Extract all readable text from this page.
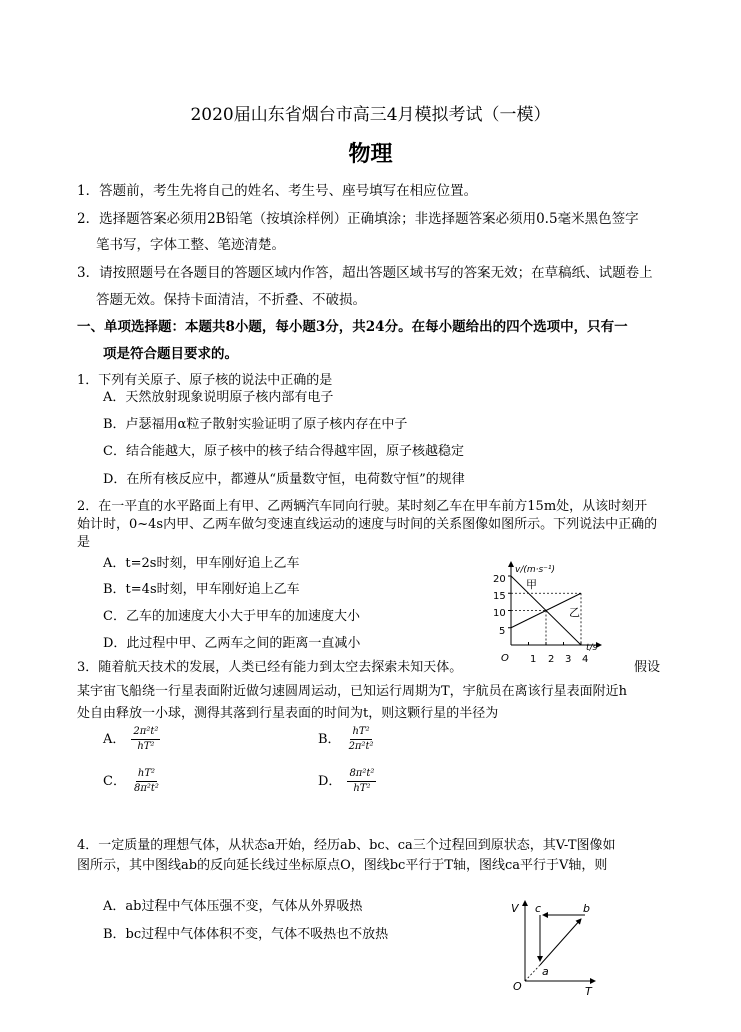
2020届山东省烟台市高三4月模拟考试（一模）
物理
1．答题前，考生先将自己的姓名、考生号、座号填写在相应位置。
2．选择题答案必须用2B铅笔（按填涂样例）正确填涂；非选择题答案必须用0.5毫米黑色签字
笔书写，字体工整、笔迹清楚。
3．请按照题号在各题目的答题区域内作答，超出答题区域书写的答案无效；在草稿纸、试题卷上
答题无效。保持卡面清洁，不折叠、不破损。
一、单项选择题：本题共8小题，每小题3分，共24分。在每小题给出的四个选项中，只有一
项是符合题目要求的。
1．下列有关原子、原子核的说法中正确的是
A．天然放射现象说明原子核内部有电子
B．卢瑟福用α粒子散射实验证明了原子核内存在中子
C．结合能越大，原子核中的核子结合得越牢固，原子核越稳定
D．在所有核反应中，都遵从“质量数守恒，电荷数守恒”的规律
2．在一平直的水平路面上有甲、乙两辆汽车同向行驶。某时刻乙车在甲车前方15m处，从该时刻开
始计时，0~4s内甲、乙两车做匀变速直线运动的速度与时间的关系图像如图所示。下列说法中正确的
是
A．t=2s时刻，甲车刚好追上乙车
B．t=4s时刻，甲车刚好追上乙车
C．乙车的加速度大小大于甲车的加速度大小
D．此过程中甲、乙两车之间的距离一直减小
v/(m·s⁻¹)
t/s
O
20
15
10
5
1 2 3 4
甲
乙
3．随着航天技术的发展，人类已经有能力到太空去探索未知天体。	假设
某宇宙飞船绕一行星表面附近做匀速圆周运动，已知运行周期为T，宇航员在离该行星表面附近h
处自由释放一小球，测得其落到行星表面的时间为t，则这颗行星的半径为
A． $\frac{\text{2π²t²}}{\text{hT²}}$	B． $\frac{\text{hT²}}{\text{2π²t²}}$
C． $\frac{\text{hT²}}{\text{8π²t²}}$	D． $\frac{\text{8π²t²}}{\text{hT²}}$
4．一定质量的理想气体，从状态a开始，经历ab、bc、ca三个过程回到原状态，其V-T图像如
图所示，其中图线ab的反向延长线过坐标原点O，图线bc平行于T轴，图线ca平行于V轴，则
A．ab过程中气体压强不变，气体从外界吸热
B．bc过程中气体体积不变，气体不吸热也不放热
V
T
O
a
b
c
